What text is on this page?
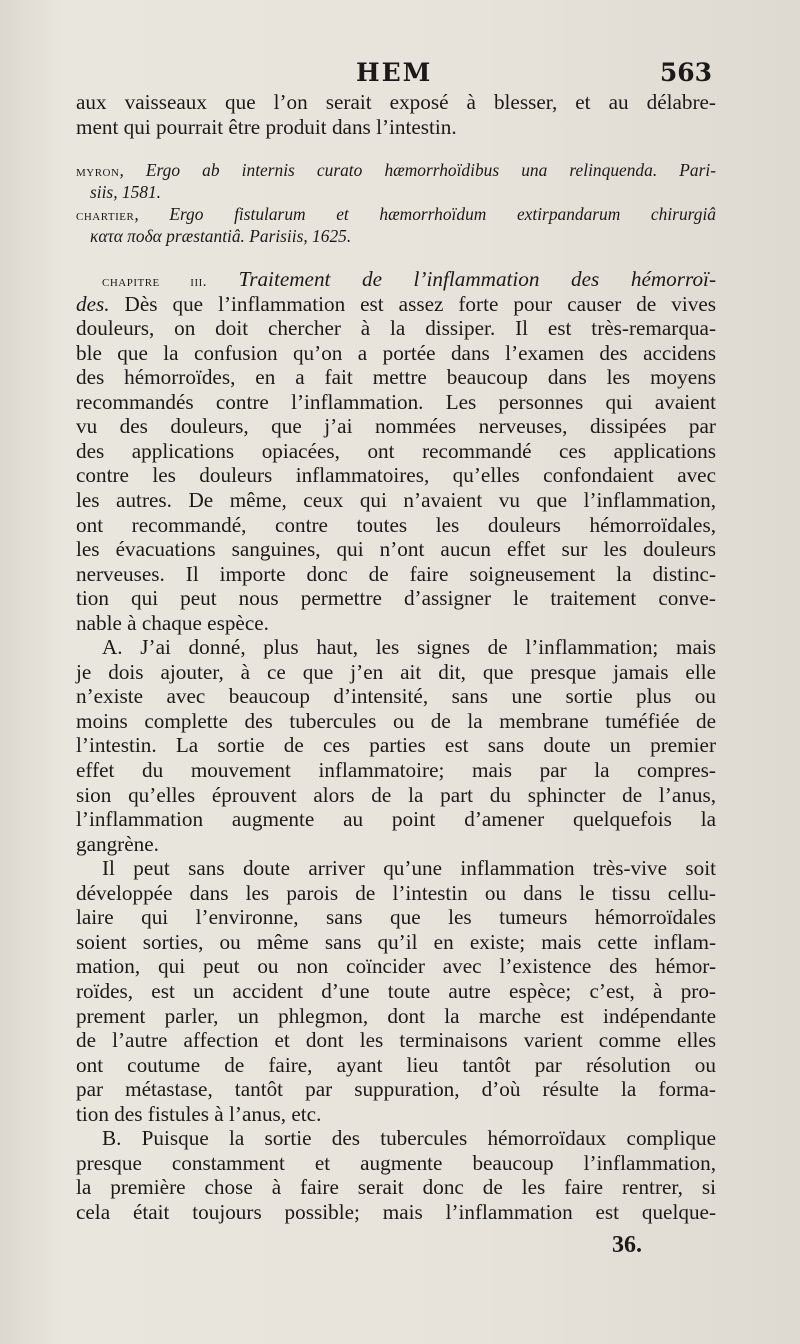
HEM	563
aux vaisseaux que l’on serait exposé à blesser, et au délabre-
ment qui pourrait être produit dans l’intestin.
myron, Ergo ab internis curato hæmorrhoïdibus una relinquenda. Pari-
siis, 1581.
chartier, Ergo fistularum et hæmorrhoïdum extirpandarum chirurgiâ
κατα ποδα præstantiâ. Parisiis, 1625.
chapitre iii. Traitement de l’inflammation des hémorroï-
des. Dès que l’inflammation est assez forte pour causer de vives
douleurs, on doit chercher à la dissiper. Il est très-remarqua-
ble que la confusion qu’on a portée dans l’examen des accidens
des hémorroïdes, en a fait mettre beaucoup dans les moyens
recommandés contre l’inflammation. Les personnes qui avaient
vu des douleurs, que j’ai nommées nerveuses, dissipées par
des applications opiacées, ont recommandé ces applications
contre les douleurs inflammatoires, qu’elles confondaient avec
les autres. De même, ceux qui n’avaient vu que l’inflammation,
ont recommandé, contre toutes les douleurs hémorroïdales,
les évacuations sanguines, qui n’ont aucun effet sur les douleurs
nerveuses. Il importe donc de faire soigneusement la distinc-
tion qui peut nous permettre d’assigner le traitement conve-
nable à chaque espèce.
A. J’ai donné, plus haut, les signes de l’inflammation; mais
je dois ajouter, à ce que j’en ait dit, que presque jamais elle
n’existe avec beaucoup d’intensité, sans une sortie plus ou
moins complette des tubercules ou de la membrane tuméfiée de
l’intestin. La sortie de ces parties est sans doute un premier
effet du mouvement inflammatoire; mais par la compres-
sion qu’elles éprouvent alors de la part du sphincter de l’anus,
l’inflammation augmente au point d’amener quelquefois la
gangrène.
Il peut sans doute arriver qu’une inflammation très-vive soit
développée dans les parois de l’intestin ou dans le tissu cellu-
laire qui l’environne, sans que les tumeurs hémorroïdales
soient sorties, ou même sans qu’il en existe; mais cette inflam-
mation, qui peut ou non coïncider avec l’existence des hémor-
roïdes, est un accident d’une toute autre espèce; c’est, à pro-
prement parler, un phlegmon, dont la marche est indépendante
de l’autre affection et dont les terminaisons varient comme elles
ont coutume de faire, ayant lieu tantôt par résolution ou
par métastase, tantôt par suppuration, d’où résulte la forma-
tion des fistules à l’anus, etc.
B. Puisque la sortie des tubercules hémorroïdaux complique
presque constamment et augmente beaucoup l’inflammation,
la première chose à faire serait donc de les faire rentrer, si
cela était toujours possible; mais l’inflammation est quelque-
36.
